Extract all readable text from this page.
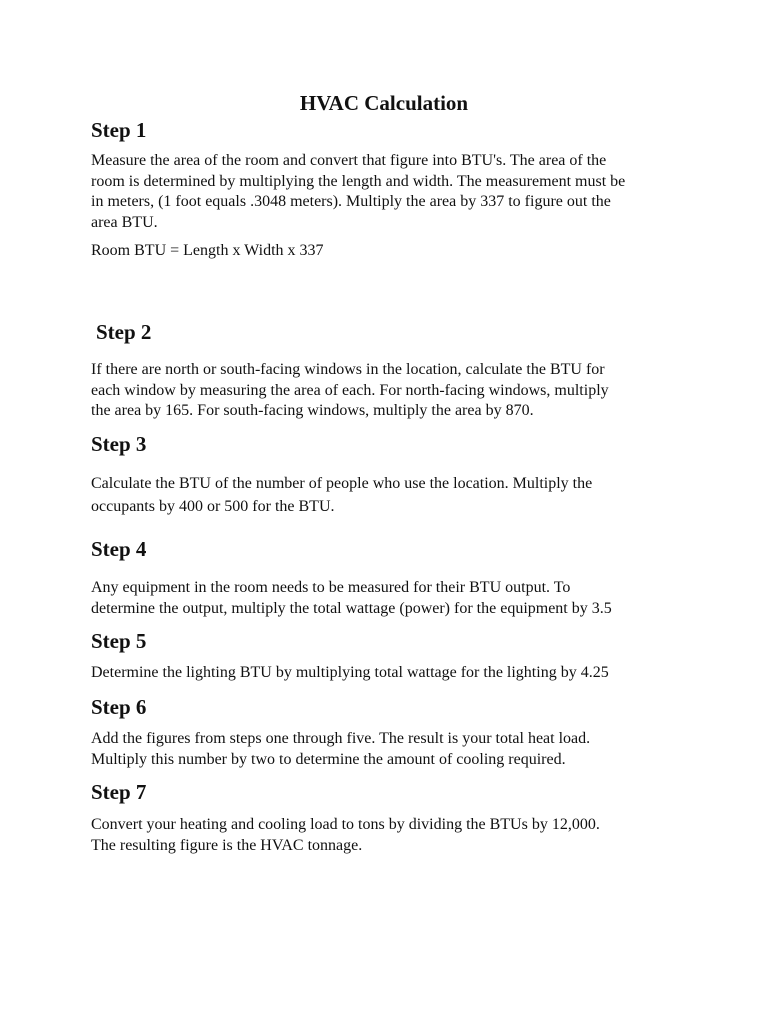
HVAC Calculation
Step 1
Measure the area of the room and convert that figure into BTU's. The area of the
room is determined by multiplying the length and width. The measurement must be
in meters, (1 foot equals .3048 meters). Multiply the area by 337 to figure out the
area BTU.
Room BTU = Length x Width x 337
Step 2
If there are north or south-facing windows in the location, calculate the BTU for
each window by measuring the area of each. For north-facing windows, multiply
the area by 165. For south-facing windows, multiply the area by 870.
Step 3
Calculate the BTU of the number of people who use the location. Multiply the
occupants by 400 or 500 for the BTU.
Step 4
Any equipment in the room needs to be measured for their BTU output. To
determine the output, multiply the total wattage (power) for the equipment by 3.5
Step 5
Determine the lighting BTU by multiplying total wattage for the lighting by 4.25
Step 6
Add the figures from steps one through five. The result is your total heat load.
Multiply this number by two to determine the amount of cooling required.
Step 7
Convert your heating and cooling load to tons by dividing the BTUs by 12,000.
The resulting figure is the HVAC tonnage.
